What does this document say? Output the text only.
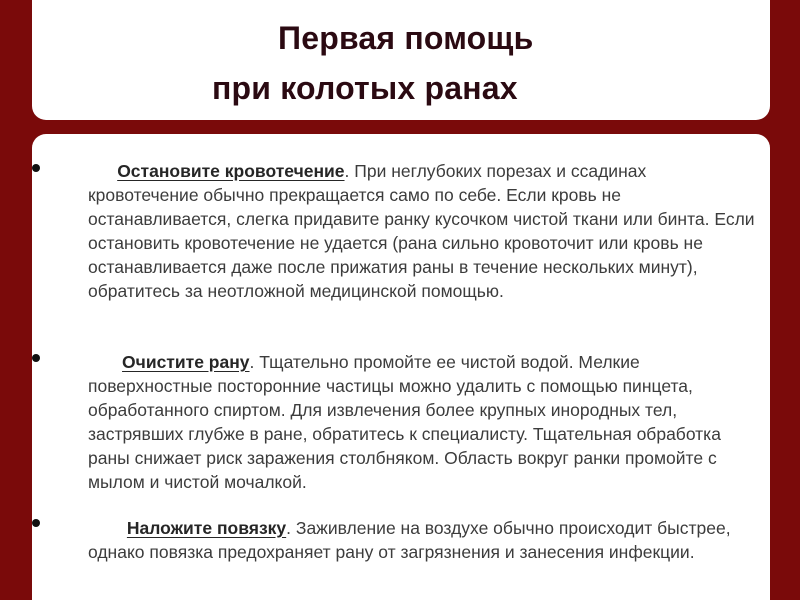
Первая помощь
при колотых ранах

Остановите кровотечение. При неглубоких порезах и ссадинах кровотечение обычно прекращается само по себе. Если кровь не останавливается, слегка придавите ранку кусочком чистой ткани или бинта. Если остановить кровотечение не удается (рана сильно кровоточит или кровь не останавливается даже после прижатия раны в течение нескольких минут), обратитесь за неотложной медицинской помощью.

Очистите рану. Тщательно промойте ее чистой водой. Мелкие поверхностные посторонние частицы можно удалить с помощью пинцета, обработанного спиртом. Для извлечения более крупных инородных тел, застрявших глубже в ране, обратитесь к специалисту. Тщательная обработка раны снижает риск заражения столбняком. Область вокруг ранки промойте с мылом и чистой мочалкой.

Наложите повязку. Заживление на воздухе обычно происходит быстрее, однако повязка предохраняет рану от загрязнения и занесения инфекции.
